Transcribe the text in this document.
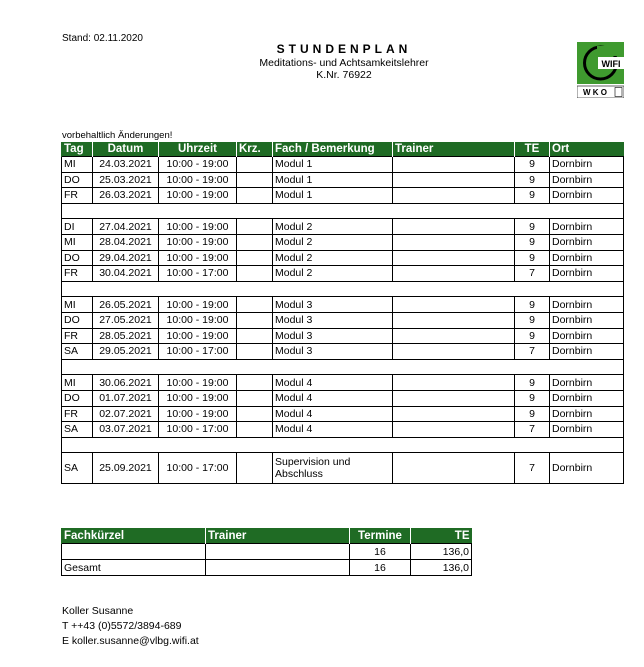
Stand: 02.11.2020
STUNDENPLAN
Meditations- und Achtsamkeitslehrer
K.Nr. 76922
WIFI
W K O
vorbehaltlich Änderungen!
Tag	Datum	Uhrzeit	Krz.	Fach / Bemerkung	Trainer	TE	Ort
MI	24.03.2021	10:00 - 19:00		Modul 1		9	Dornbirn
DO	25.03.2021	10:00 - 19:00		Modul 1		9	Dornbirn
FR	26.03.2021	10:00 - 19:00		Modul 1		9	Dornbirn

DI	27.04.2021	10:00 - 19:00		Modul 2		9	Dornbirn
MI	28.04.2021	10:00 - 19:00		Modul 2		9	Dornbirn
DO	29.04.2021	10:00 - 19:00		Modul 2		9	Dornbirn
FR	30.04.2021	10:00 - 17:00		Modul 2		7	Dornbirn

MI	26.05.2021	10:00 - 19:00		Modul 3		9	Dornbirn
DO	27.05.2021	10:00 - 19:00		Modul 3		9	Dornbirn
FR	28.05.2021	10:00 - 19:00		Modul 3		9	Dornbirn
SA	29.05.2021	10:00 - 17:00		Modul 3		7	Dornbirn

MI	30.06.2021	10:00 - 19:00		Modul 4		9	Dornbirn
DO	01.07.2021	10:00 - 19:00		Modul 4		9	Dornbirn
FR	02.07.2021	10:00 - 19:00		Modul 4		9	Dornbirn
SA	03.07.2021	10:00 - 17:00		Modul 4		7	Dornbirn

SA	25.09.2021	10:00 - 17:00		Supervision und Abschluss		7	Dornbirn
Fachkürzel	Trainer	Termine	TE
		16	136,0
Gesamt		16	136,0
Koller Susanne
T ++43 (0)5572/3894-689
E koller.susanne@vlbg.wifi.at
